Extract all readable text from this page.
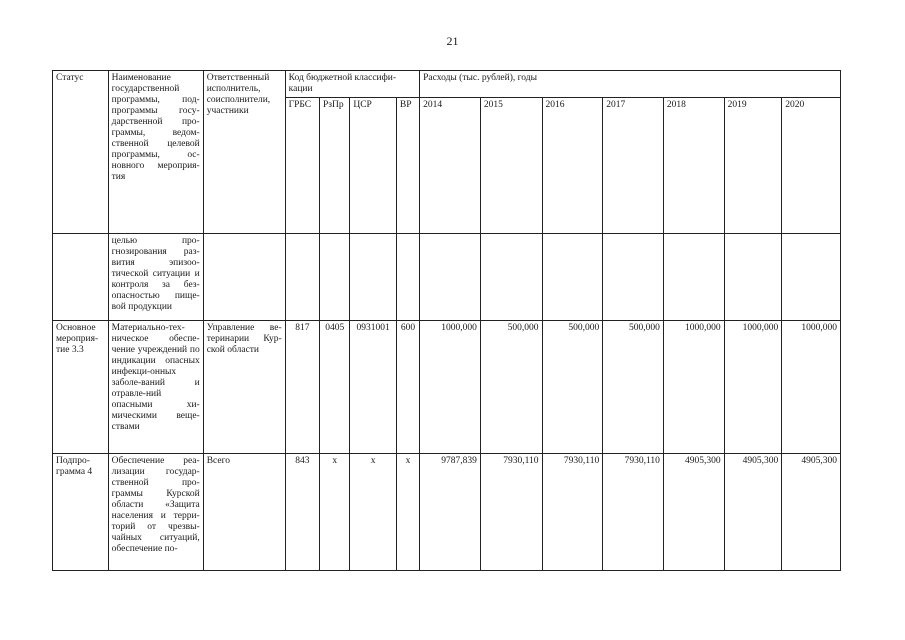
21
Статус	Наименование государственной программы, под-программы госу-дарственной про-граммы, ведом-ственной целевой программы, ос-новного мероприя-тия	Ответственный исполнитель, соисполнители, участники	Код бюджетной классифи-кации				Расходы (тыс. рублей), годы						
			ГРБС	РзПр	ЦСР	ВР	2014	2015	2016	2017	2018	2019	2020
	целью про-гнозирования раз-вития эпизоо-тической ситуации и контроля за без-опасностью пище-вой продукции												
Основное мероприя-тие 3.3	Материально-тех-ническое обеспе-чение учреждений по индикации опасных инфекци-онных заболе-ваний и отравле-ний опасными хи-мическими веще-ствами	Управление ве-теринарии Кур-ской области	817	0405	0931001	600	1000,000	500,000	500,000	500,000	1000,000	1000,000	1000,000
Подпро-грамма 4	Обеспечение реа-лизации государ-ственной про-граммы Курской области «Защита населения и терри-торий от чрезвы-чайных ситуаций, обеспечение по-	Всего	843	х	х	х	9787,839	7930,110	7930,110	7930,110	4905,300	4905,300	4905,300
